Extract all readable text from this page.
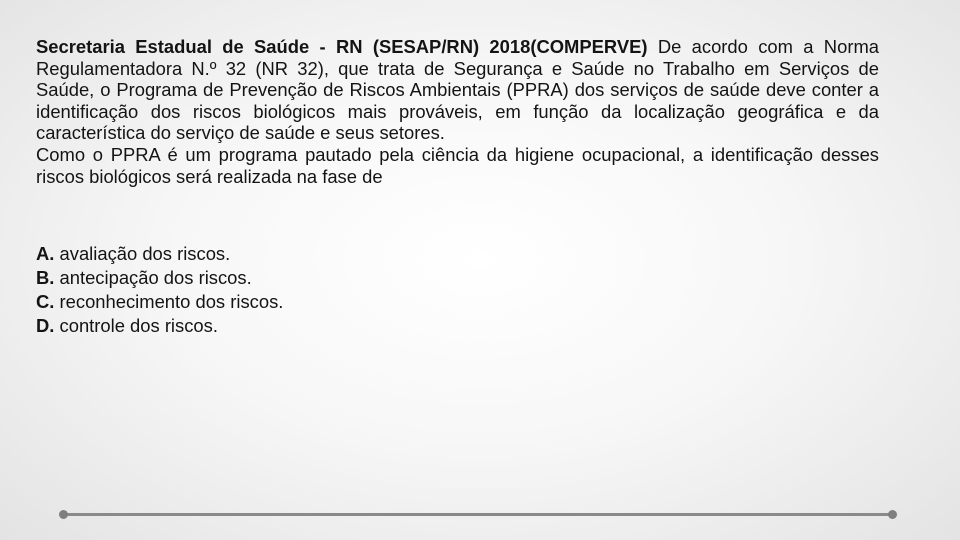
Secretaria Estadual de Saúde - RN (SESAP/RN) 2018(COMPERVE) De acordo com a Norma Regulamentadora N.º 32 (NR 32), que trata de Segurança e Saúde no Trabalho em Serviços de Saúde, o Programa de Prevenção de Riscos Ambientais (PPRA) dos serviços de saúde deve conter a identificação dos riscos biológicos mais prováveis, em função da localização geográfica e da característica do serviço de saúde e seus setores.

Como o PPRA é um programa pautado pela ciência da higiene ocupacional, a identificação desses riscos biológicos será realizada na fase de

A. avaliação dos riscos.
B. antecipação dos riscos.
C. reconhecimento dos riscos.
D. controle dos riscos.
